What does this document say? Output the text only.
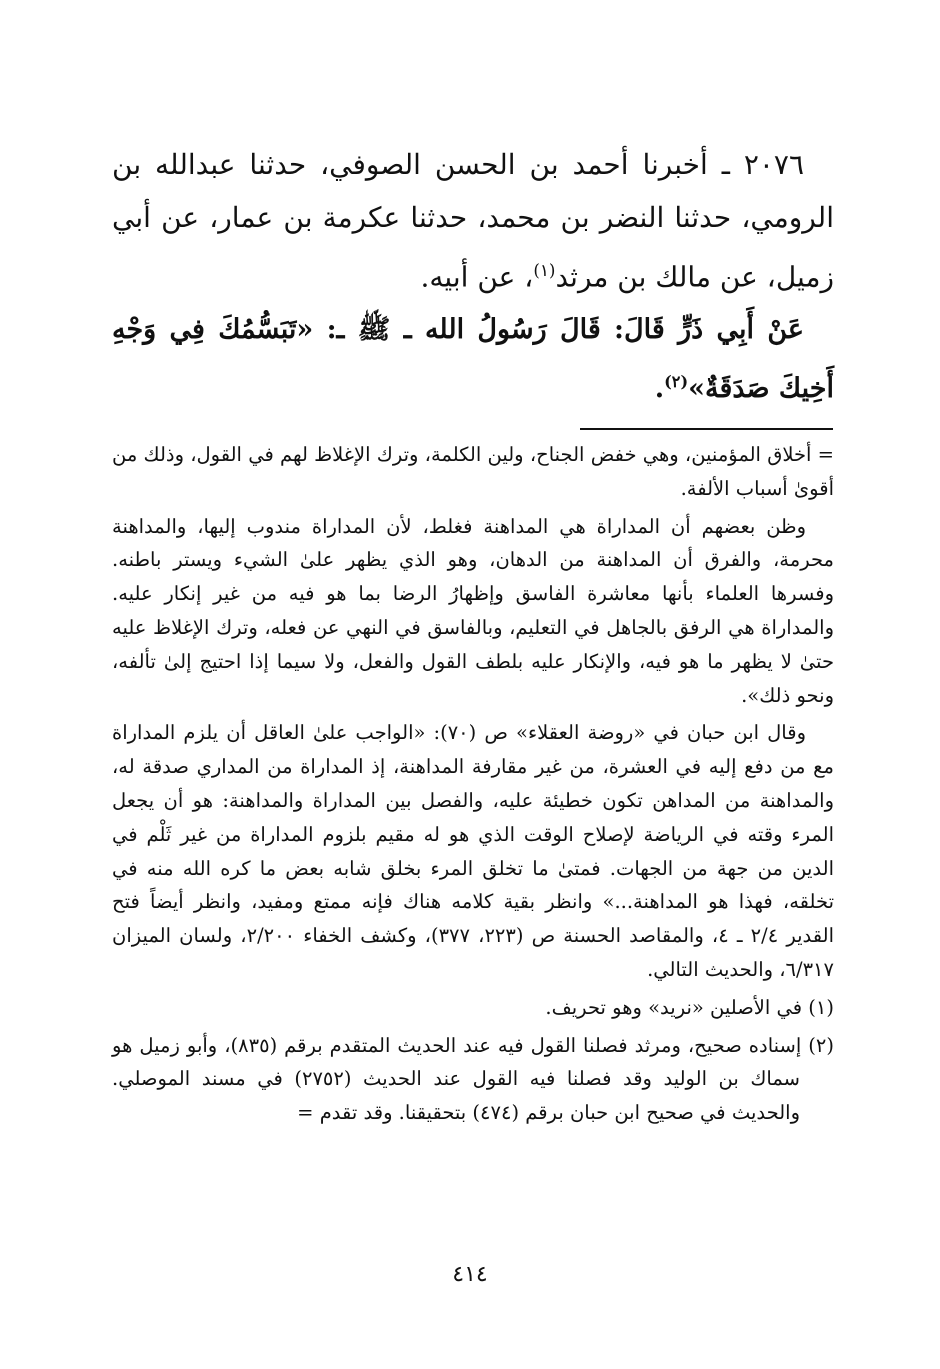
٢٠٧٦ ـ أخبرنا أحمد بن الحسن الصوفي، حدثنا عبدالله بن الرومي، حدثنا النضر بن محمد، حدثنا عكرمة بن عمار، عن أبي زميل، عن مالك بن مرثد$^{(١)}$، عن أبيه.

عَنْ أَبِي ذَرٍّ قَالَ: قَالَ رَسُولُ الله ـ ﷺ ـ: «تَبَسُّمُكَ فِي وَجْهِ أَخِيكَ صَدَقَةٌ»$^{(٢)}$.

= أخلاق المؤمنين، وهي خفض الجناح، ولين الكلمة، وترك الإغلاظ لهم في القول، وذلك من أقوىٰ أسباب الألفة.

وظن بعضهم أن المداراة هي المداهنة فغلط، لأن المداراة مندوب إليها، والمداهنة محرمة، والفرق أن المداهنة من الدهان، وهو الذي يظهر علىٰ الشيء ويستر باطنه. وفسرها العلماء بأنها معاشرة الفاسق وإظهارُ الرضا بما هو فيه من غير إنكار عليه. والمداراة هي الرفق بالجاهل في التعليم، وبالفاسق في النهي عن فعله، وترك الإغلاظ عليه حتىٰ لا يظهر ما هو فيه، والإنكار عليه بلطف القول والفعل، ولا سيما إذا احتيج إلىٰ تألفه، ونحو ذلك».

وقال ابن حبان في «روضة العقلاء» ص (٧٠): «الواجب علىٰ العاقل أن يلزم المداراة مع من دفع إليه في العشرة، من غير مقارفة المداهنة، إذ المداراة من المداري صدقة له، والمداهنة من المداهن تكون خطيئة عليه، والفصل بين المداراة والمداهنة: هو أن يجعل المرء وقته في الرياضة لإصلاح الوقت الذي هو له مقيم بلزوم المداراة من غير ثَلْم في الدين من جهة من الجهات. فمتىٰ ما تخلق المرء بخلق شابه بعض ما كره الله منه في تخلقه، فهذا هو المداهنة...» وانظر بقية كلامه هناك فإنه ممتع ومفيد، وانظر أيضاً فتح القدير ٢/٤ ـ ٤، والمقاصد الحسنة ص (٢٢٣، ٣٧٧)، وكشف الخفاء ٢/٢٠٠، ولسان الميزان ٦/٣١٧، والحديث التالي.

(١) في الأصلين «نريد» وهو تحريف.

(٢) إسناده صحيح، ومرثد فصلنا القول فيه عند الحديث المتقدم برقم (٨٣٥)، وأبو زميل هو سماك بن الوليد وقد فصلنا فيه القول عند الحديث (٢٧٥٢) في مسند الموصلي. والحديث في صحيح ابن حبان برقم (٤٧٤) بتحقيقنا. وقد تقدم =

٤١٤
